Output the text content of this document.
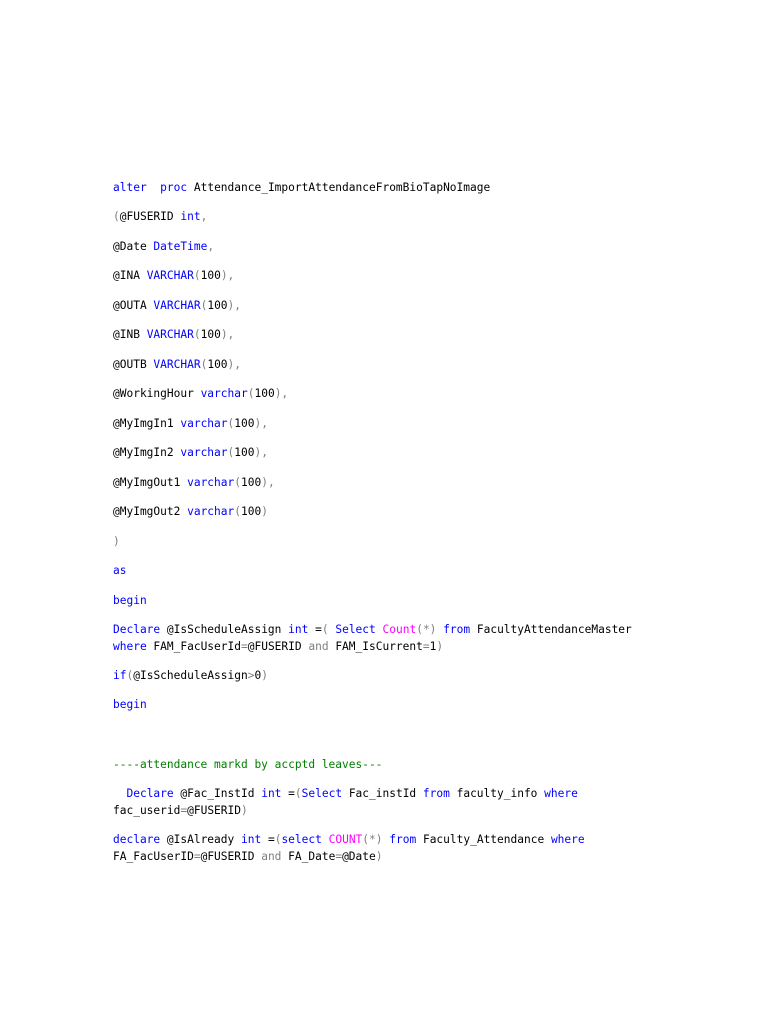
alter proc Attendance_ImportAttendanceFromBioTapNoImage
(@FUSERID int,
@Date DateTime,
@INA VARCHAR(100),
@OUTA VARCHAR(100),
@INB VARCHAR(100),
@OUTB VARCHAR(100),
@WorkingHour varchar(100),
@MyImgIn1 varchar(100),
@MyImgIn2 varchar(100),
@MyImgOut1 varchar(100),
@MyImgOut2 varchar(100)
)
as
begin
Declare @IsScheduleAssign int =( Select Count(*) from FacultyAttendanceMaster
where FAM_FacUserId=@FUSERID and FAM_IsCurrent=1)
if(@IsScheduleAssign>0)
begin
----attendance markd by accptd leaves---
Declare @Fac_InstId int =(Select Fac_instId from faculty_info where
fac_userid=@FUSERID)
declare @IsAlready int =(select COUNT(*) from Faculty_Attendance where
FA_FacUserID=@FUSERID and FA_Date=@Date)
